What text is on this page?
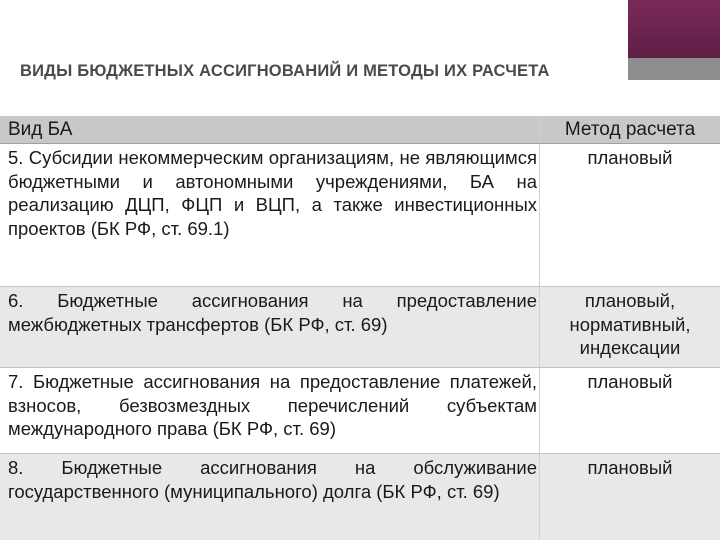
ВИДЫ БЮДЖЕТНЫХ АССИГНОВАНИЙ И МЕТОДЫ ИХ РАСЧЕТА
Вид БА	Метод расчета
5. Субсидии некоммерческим организациям, не являющимся бюджетными и автономными учреждениями, БА на реализацию ДЦП, ФЦП и ВЦП, а также инвестиционных проектов (БК РФ, ст. 69.1)
плановый
6. Бюджетные ассигнования на предоставление межбюджетных трансфертов (БК РФ, ст. 69)
плановый, нормативный, индексации
7. Бюджетные ассигнования на предоставление платежей, взносов, безвозмездных перечислений субъектам международного права (БК РФ, ст. 69)
плановый
8. Бюджетные ассигнования на обслуживание государственного (муниципального) долга (БК РФ, ст. 69)
плановый
